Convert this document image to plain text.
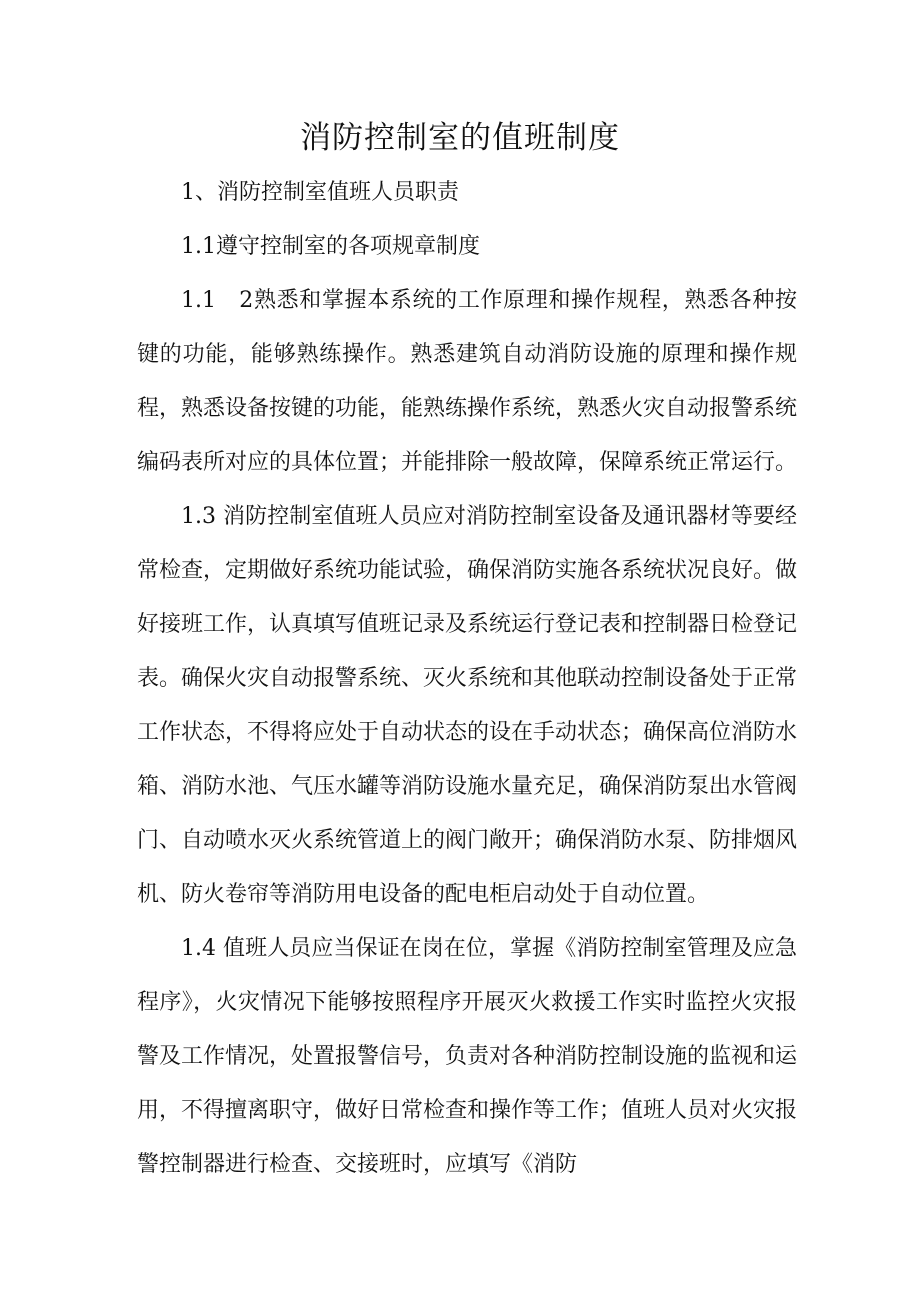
消防控制室的值班制度

1、消防控制室值班人员职责

1.1遵守控制室的各项规章制度

1.1　2熟悉和掌握本系统的工作原理和操作规程，熟悉各种按键的功能，能够熟练操作。熟悉建筑自动消防设施的原理和操作规程，熟悉设备按键的功能，能熟练操作系统，熟悉火灾自动报警系统编码表所对应的具体位置；并能排除一般故障，保障系统正常运行。

1.3 消防控制室值班人员应对消防控制室设备及通讯器材等要经常检查，定期做好系统功能试验，确保消防实施各系统状况良好。做好接班工作，认真填写值班记录及系统运行登记表和控制器日检登记表。确保火灾自动报警系统、灭火系统和其他联动控制设备处于正常工作状态，不得将应处于自动状态的设在手动状态；确保高位消防水箱、消防水池、气压水罐等消防设施水量充足，确保消防泵出水管阀门、自动喷水灭火系统管道上的阀门敞开；确保消防水泵、防排烟风机、防火卷帘等消防用电设备的配电柜启动处于自动位置。

1.4 值班人员应当保证在岗在位，掌握《消防控制室管理及应急程序》，火灾情况下能够按照程序开展灭火救援工作实时监控火灾报警及工作情况，处置报警信号，负责对各种消防控制设施的监视和运用，不得擅离职守，做好日常检查和操作等工作；值班人员对火灾报警控制器进行检查、交接班时，应填写《消防
